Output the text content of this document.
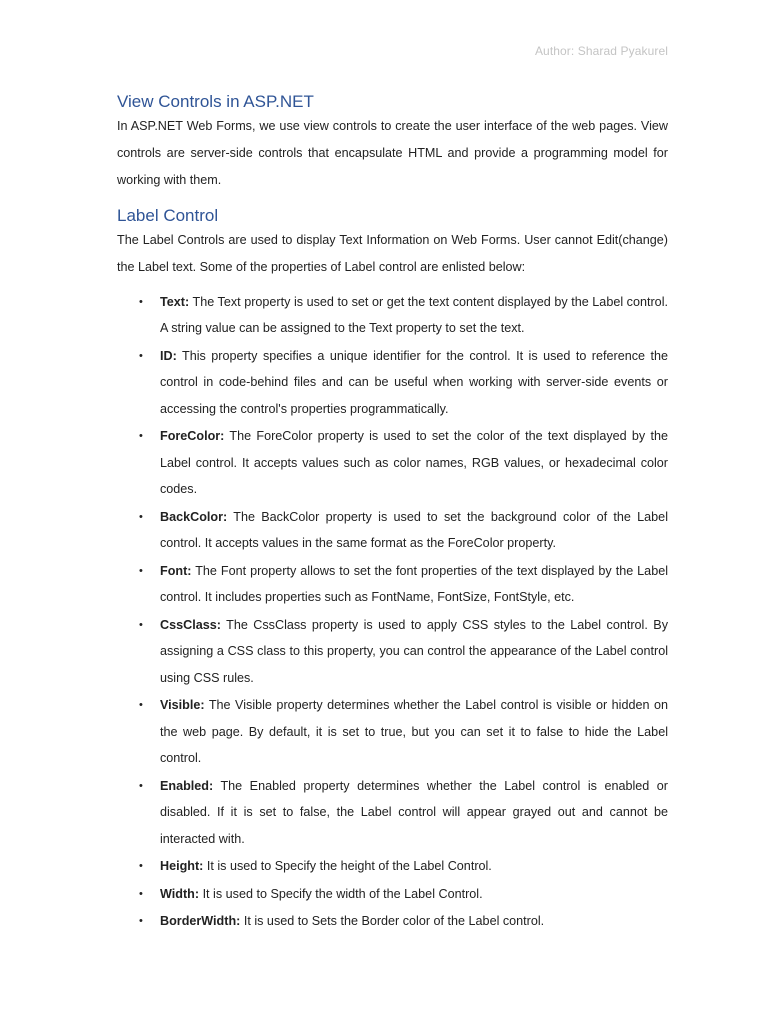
Author: Sharad Pyakurel
View Controls in ASP.NET

In ASP.NET Web Forms, we use view controls to create the user interface of the web pages. View controls are server-side controls that encapsulate HTML and provide a programming model for working with them.

Label Control

The Label Controls are used to display Text Information on Web Forms. User cannot Edit(change) the Label text. Some of the properties of Label control are enlisted below:

• Text: The Text property is used to set or get the text content displayed by the Label control. A string value can be assigned to the Text property to set the text.
• ID: This property specifies a unique identifier for the control. It is used to reference the control in code-behind files and can be useful when working with server-side events or accessing the control's properties programmatically.
• ForeColor: The ForeColor property is used to set the color of the text displayed by the Label control. It accepts values such as color names, RGB values, or hexadecimal color codes.
• BackColor: The BackColor property is used to set the background color of the Label control. It accepts values in the same format as the ForeColor property.
• Font: The Font property allows to set the font properties of the text displayed by the Label control. It includes properties such as FontName, FontSize, FontStyle, etc.
• CssClass: The CssClass property is used to apply CSS styles to the Label control. By assigning a CSS class to this property, you can control the appearance of the Label control using CSS rules.
• Visible: The Visible property determines whether the Label control is visible or hidden on the web page. By default, it is set to true, but you can set it to false to hide the Label control.
• Enabled: The Enabled property determines whether the Label control is enabled or disabled. If it is set to false, the Label control will appear grayed out and cannot be interacted with.
• Height: It is used to Specify the height of the Label Control.
• Width: It is used to Specify the width of the Label Control.
• BorderWidth: It is used to Sets the Border color of the Label control.
